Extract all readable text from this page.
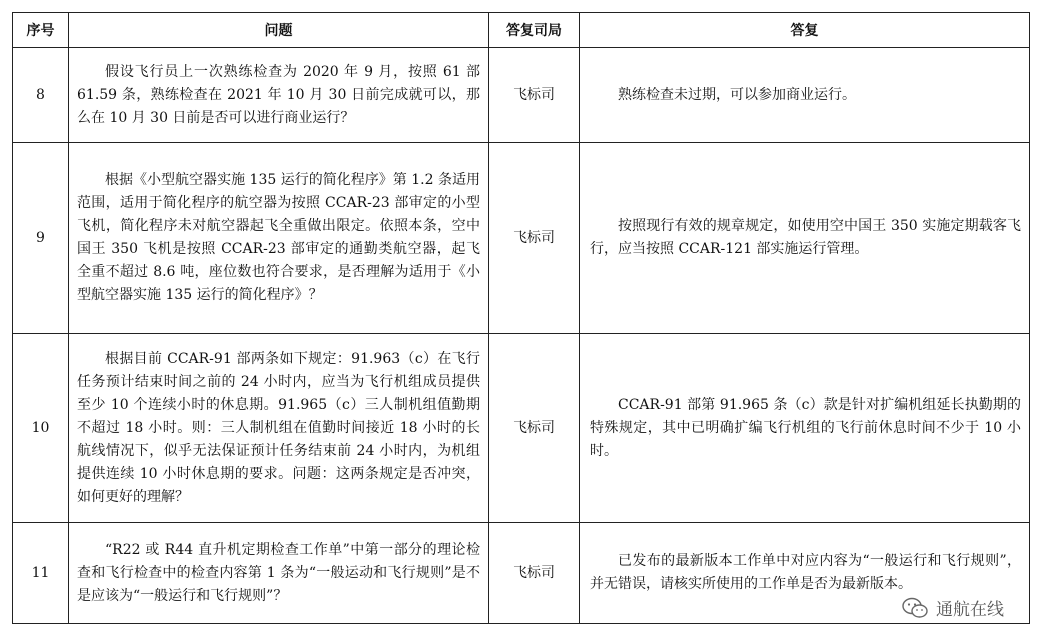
序号	问题	答复司局	答复
8	假设飞行员上一次熟练检查为 2020 年 9 月，按照 61 部 61.59 条，熟练检查在 2021 年 10 月 30 日前完成就可以，那么在 10 月 30 日前是否可以进行商业运行？	飞标司	熟练检查未过期，可以参加商业运行。
9	根据《小型航空器实施 135 运行的简化程序》第 1.2 条适用范围，适用于简化程序的航空器为按照 CCAR-23 部审定的小型飞机，简化程序未对航空器起飞全重做出限定。依照本条，空中国王 350 飞机是按照 CCAR-23 部审定的通勤类航空器，起飞全重不超过 8.6 吨，座位数也符合要求，是否理解为适用于《小型航空器实施 135 运行的简化程序》？	飞标司	按照现行有效的规章规定，如使用空中国王 350 实施定期载客飞行，应当按照 CCAR-121 部实施运行管理。
10	根据目前 CCAR-91 部两条如下规定：91.963（c）在飞行任务预计结束时间之前的 24 小时内，应当为飞行机组成员提供至少 10 个连续小时的休息期。91.965（c）三人制机组值勤期不超过 18 小时。则：三人制机组在值勤时间接近 18 小时的长航线情况下，似乎无法保证预计任务结束前 24 小时内，为机组提供连续 10 小时休息期的要求。问题：这两条规定是否冲突，如何更好的理解？	飞标司	CCAR-91 部第 91.965 条（c）款是针对扩编机组延长执勤期的特殊规定，其中已明确扩编飞行机组的飞行前休息时间不少于 10 小时。
11	“R22 或 R44 直升机定期检查工作单”中第一部分的理论检查和飞行检查中的检查内容第 1 条为“一般运动和飞行规则”是不是应该为“一般运行和飞行规则”？	飞标司	已发布的最新版本工作单中对应内容为“一般运行和飞行规则”，并无错误，请核实所使用的工作单是否为最新版本。
通航在线
